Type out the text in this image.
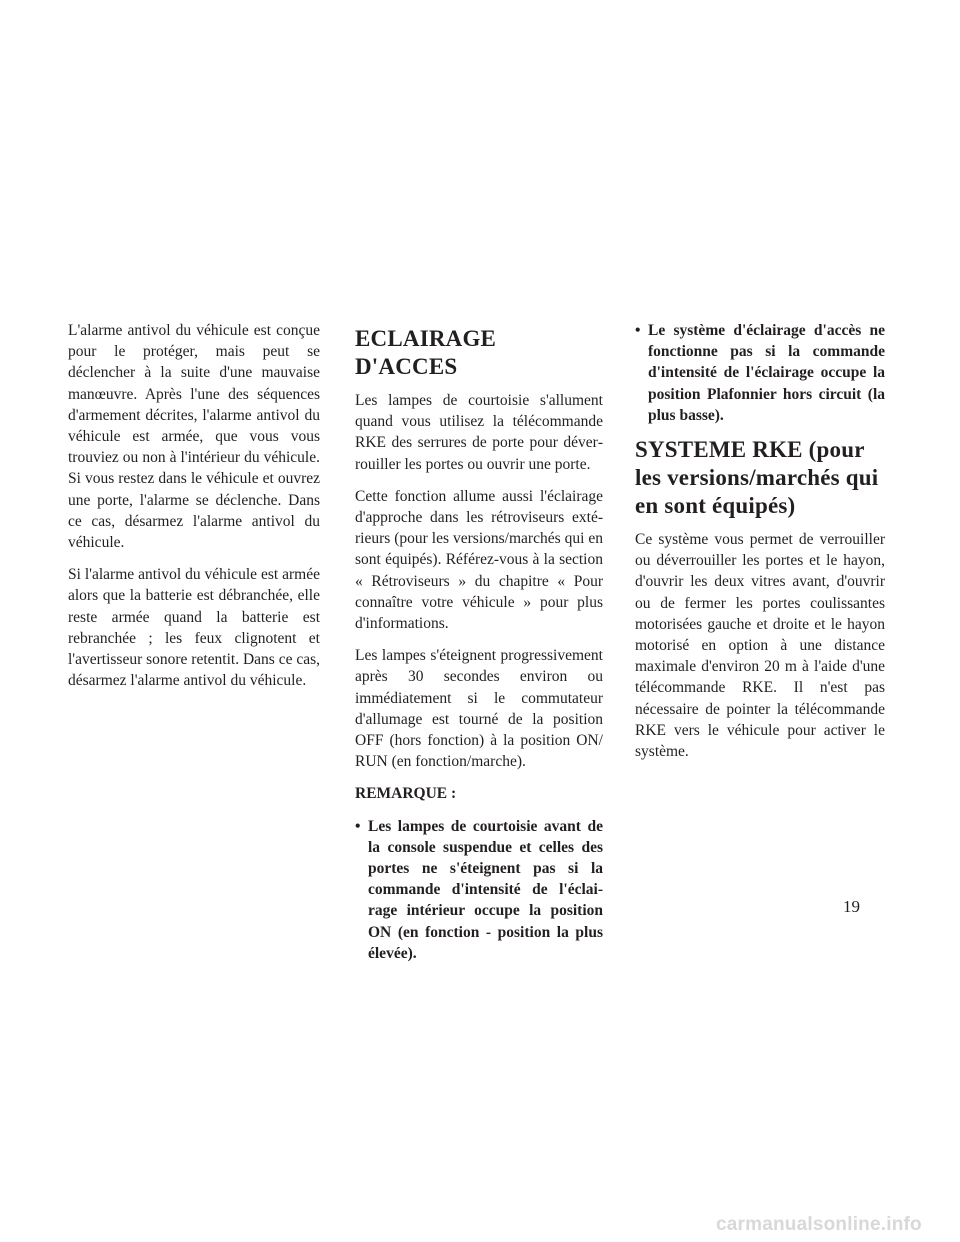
L'alarme antivol du véhicule est conçue pour le protéger, mais peut se déclencher à la suite d'une mauvaise manœuvre. Après l'une des séquences d'armement décrites, l'alarme antivol du véhicule est armée, que vous vous trouviez ou non à l'intérieur du véhicule. Si vous restez dans le véhicule et ouvrez une porte, l'alarme se déclenche. Dans ce cas, désarmez l'alarme antivol du véhicule.

Si l'alarme antivol du véhicule est armée alors que la batterie est débranchée, elle reste armée quand la batterie est rebranchée ; les feux clignotent et l'avertisseur sonore retentit. Dans ce cas, désarmez l'alarme antivol du véhicule.

ECLAIRAGE D'ACCES

Les lampes de courtoisie s'allument quand vous utilisez la télécommande RKE des serrures de porte pour déverrouiller les portes ou ouvrir une porte.

Cette fonction allume aussi l'éclairage d'approche dans les rétroviseurs extérieurs (pour les versions/marchés qui en sont équipés). Référez-vous à la section « Rétroviseurs » du chapitre « Pour connaître votre véhicule » pour plus d'informations.

Les lampes s'éteignent progressivement après 30 secondes environ ou immédiatement si le commutateur d'allumage est tourné de la position OFF (hors fonction) à la position ON/ RUN (en fonction/marche).

REMARQUE :
• Les lampes de courtoisie avant de la console suspendue et celles des portes ne s'éteignent pas si la commande d'intensité de l'éclairage intérieur occupe la position ON (en fonction - position la plus élevée).
• Le système d'éclairage d'accès ne fonctionne pas si la commande d'intensité de l'éclairage occupe la position Plafonnier hors circuit (la plus basse).
SYSTEME RKE (pour les versions/marchés qui en sont équipés)

Ce système vous permet de verrouiller ou déverrouiller les portes et le hayon, d'ouvrir les deux vitres avant, d'ouvrir ou de fermer les portes coulissantes motorisées gauche et droite et le hayon motorisé en option à une distance maximale d'environ 20 m à l'aide d'une télécommande RKE. Il n'est pas nécessaire de pointer la télécommande RKE vers le véhicule pour activer le système.

19
carmanualsonline.info
